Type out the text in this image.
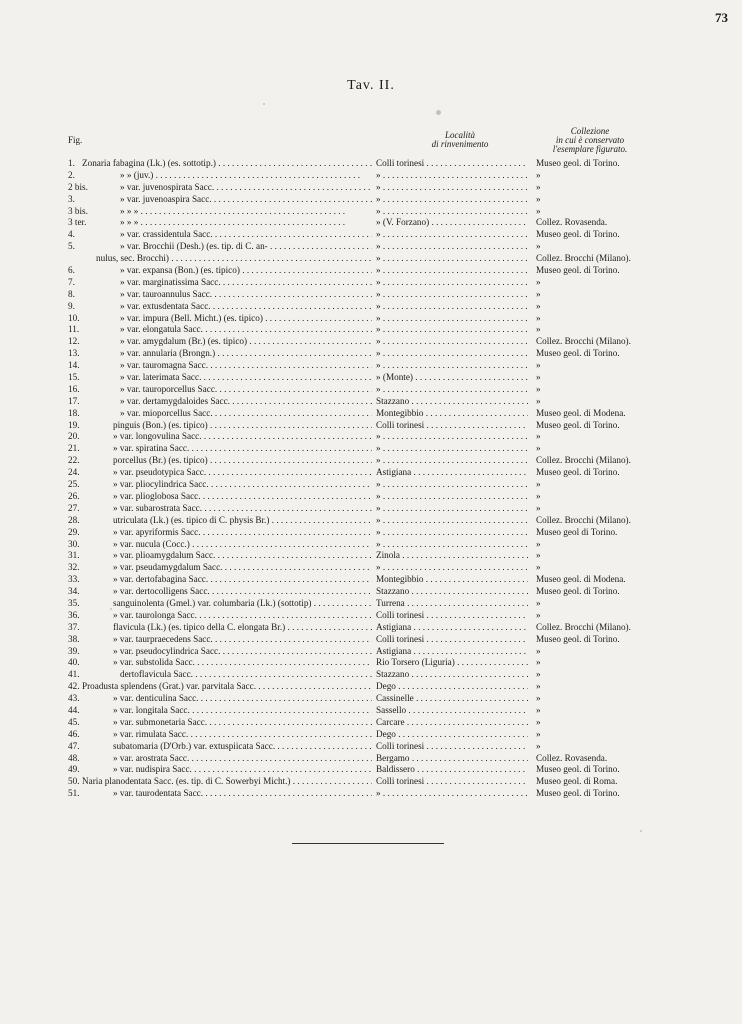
73
Tav. II.
Fig.	Località
di rinvenimento
Collezione
in cui è conservato
l'esemplare figurato.
1. Zonaria fabagina (Lk.) (es. sottotip.) . . .	Colli torinesi . . .	Museo geol. di Torino.
2.	» » (juv.) . . .	» . . .	»
2 bis.	» var. juvenospirata Sacc. . . .	» . . .	»
3.	» var. juvenoaspira Sacc. . . .	» . . .	»
3 bis.	» » » . . .	» . . .	»
3 ter.	» » » . . .	» (V. Forzano) . . .	Collez. Rovasenda.
4.	» var. crassidentula Sacc. . . .	» . . .	Museo geol. di Torino.
5.	» var. Brocchii (Desh.) (es. tip. di C. an- . . .	» . . .	»
nulus, sec. Brocchi) . . .	» . . .	Collez. Brocchi (Milano).
6.	» var. expansa (Bon.) (es. tipico) . . .	» . . .	Museo geol. di Torino.
7.	» var. marginatissima Sacc. . . .	» . . .	»
8.	» var. tauroannulus Sacc. . . .	» . . .	»
9.	» var. extusdentata Sacc. . . .	» . . .	»
10.	» var. impura (Bell. Micht.) (es. tipico) . . .	» . . .	»
11.	» var. elongatula Sacc. . . .	» . . .	»
12.	» var. amygdalum (Br.) (es. tipico) . . .	» . . .	Collez. Brocchi (Milano).
13.	» var. annularia (Brongn.) . . .	» . . .	Museo geol. di Torino.
14.	» var. tauromagna Sacc. . . .	» . . .	»
15.	» var. laterimata Sacc. . . .	» (Monte) . . .	»
16.	» var. tauroporcellus Sacc. . . .	» . . .	»
17.	» var. dertamygdaloides Sacc. . . .	Stazzano . . .	»
18.	» var. mioporcellus Sacc. . . .	Montegibbio . . .	Museo geol. di Modena.
19.	pinguis (Bon.) (es. tipico) . . .	Colli torinesi . . .	Museo geol. di Torino.
20.	» var. longovulina Sacc. . . .	» . . .	»
21.	» var. spiratina Sacc. . . .	» . . .	»
22.	porcellus (Br.) (es. tipico) . . .	» . . .	Collez. Brocchi (Milano).
24.	» var. pseudotypica Sacc. . . .	Astigiana . . .	Museo geol. di Torino.
25.	» var. pliocylindrica Sacc. . . .	» . . .	»
26.	» var. plioglobosa Sacc. . . .	» . . .	»
27.	» var. subarostrata Sacc. . . .	» . . .	»
28.	utriculata (Lk.) (es. tipico di C. physis Br.) . . .	» . . .	Collez. Brocchi (Milano).
29.	» var. apyriformis Sacc. . . .	» . . .	Museo geol di Torino.
30.	» var. nucula (Cocc.) . . .	» . . .	»
31.	» var. plioamygdalum Sacc. . . .	Zinola . . .	»
32.	» var. pseudamygdalum Sacc. . . .	» . . .	»
33.	» var. dertofabagina Sacc. . . .	Montegibbio . . .	Museo geol. di Modena.
34.	» var. dertocolligens Sacc. . . .	Stazzano . . .	Museo geol. di Torino.
35.	sanguinolenta (Gmel.) var. columbaria (Lk.) (sottotip) . . .	Turrena . . .	»
36.	» var. taurolonga Sacc. . . .	Colli torinesi . . .	»
37.	flavicula (Lk.) (es. tipico della C. elongata Br.) . . .	Astigiana . . .	Collez. Brocchi (Milano).
38.	» var. taurpraecedens Sacc. . . .	Colli torinesi . . .	Museo geol. di Torino.
39.	» var. pseudocylindrica Sacc. . . .	Astigiana . . .	»
40.	» var. substolida Sacc. . . .	Rio Torsero (Liguria) . . .	»
41.	dertoflavicula Sacc. . . .	Stazzano . . .	»
42. Proadusta splendens (Grat.) var. parvitala Sacc. . . .	Dego . . .	»
43.	» var. denticulina Sacc. . . .	Cassinelle . . .	»
44.	» var. longitala Sacc. . . .	Sassello . . .	»
45.	» var. submonetaria Sacc. . . .	Carcare . . .	»
46.	» var. rimulata Sacc. . . .	Dego . . .	»
47.	subatomaria (D'Orb.) var. extuspiicata Sacc. . . .	Colli torinesi . . .	»
48.	» var. arostrata Sacc. . . .	Bergamo . . .	Collez. Rovasenda.
49.	» var. nudispira Sacc. . . .	Baldissero . . .	Museo geol. di Torino.
50. Naria planodentata Sacc. (es. tip. di C. Sowerbyi Micht.) . . .	Colli torinesi . . .	Museo geol. di Roma.
51.	» var. taurodentata Sacc. . . .	» . . .	Museo geol. di Torino.
